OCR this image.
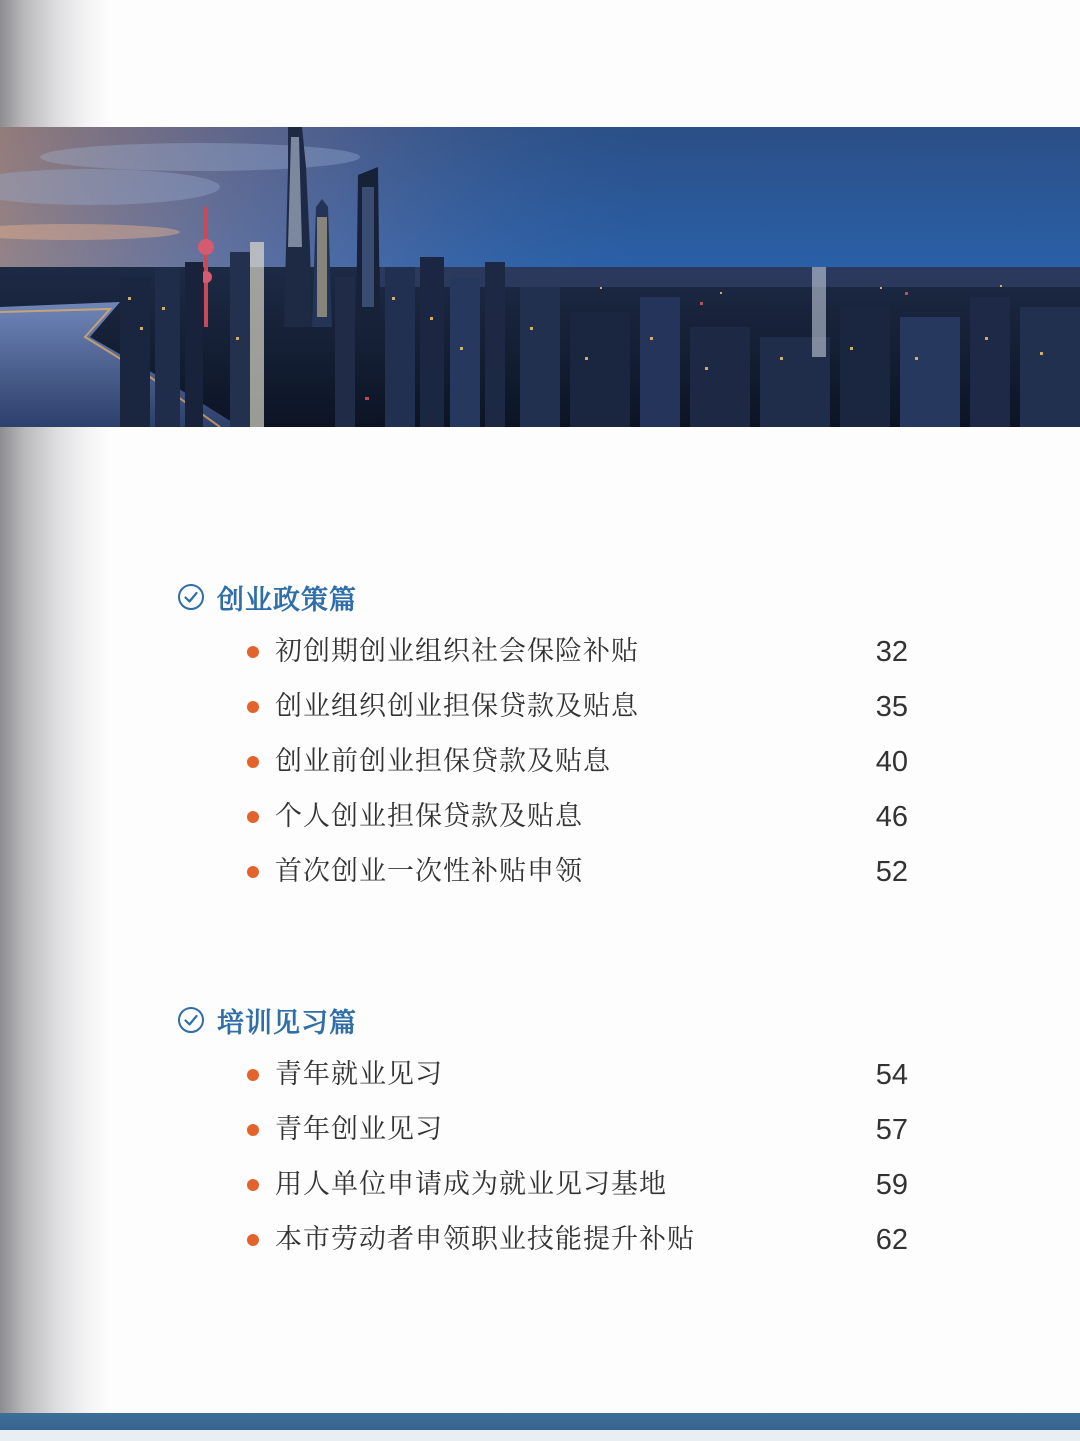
创业政策篇
初创期创业组织社会保险补贴	32
创业组织创业担保贷款及贴息	35
创业前创业担保贷款及贴息	40
个人创业担保贷款及贴息	46
首次创业一次性补贴申领	52
培训见习篇
青年就业见习	54
青年创业见习	57
用人单位申请成为就业见习基地	59
本市劳动者申领职业技能提升补贴	62
